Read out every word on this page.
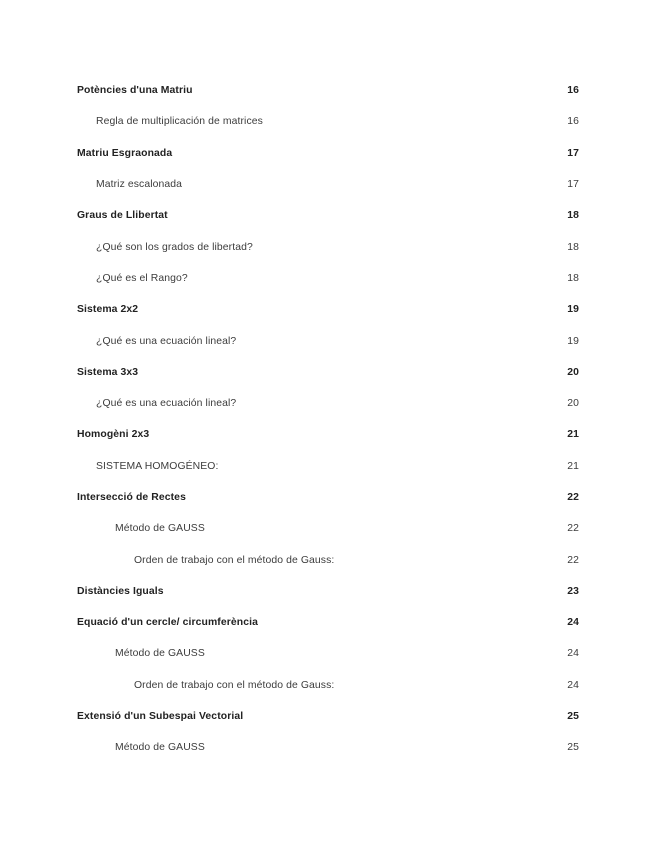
Potències d'una Matriu	16
Regla de multiplicación de matrices	16
Matriu Esgraonada	17
Matriz escalonada	17
Graus de Llibertat	18
¿Qué son los grados de libertad?	18
¿Qué es el Rango?	18
Sistema 2x2	19
¿Qué es una ecuación lineal?	19
Sistema 3x3	20
¿Qué es una ecuación lineal?	20
Homogèni 2x3	21
SISTEMA HOMOGÉNEO:	21
Intersecció de Rectes	22
Método de GAUSS	22
Orden de trabajo con el método de Gauss:	22
Distàncies Iguals	23
Equació d'un cercle/ circumferència	24
Método de GAUSS	24
Orden de trabajo con el método de Gauss:	24
Extensió d'un Subespai Vectorial	25
Método de GAUSS	25
